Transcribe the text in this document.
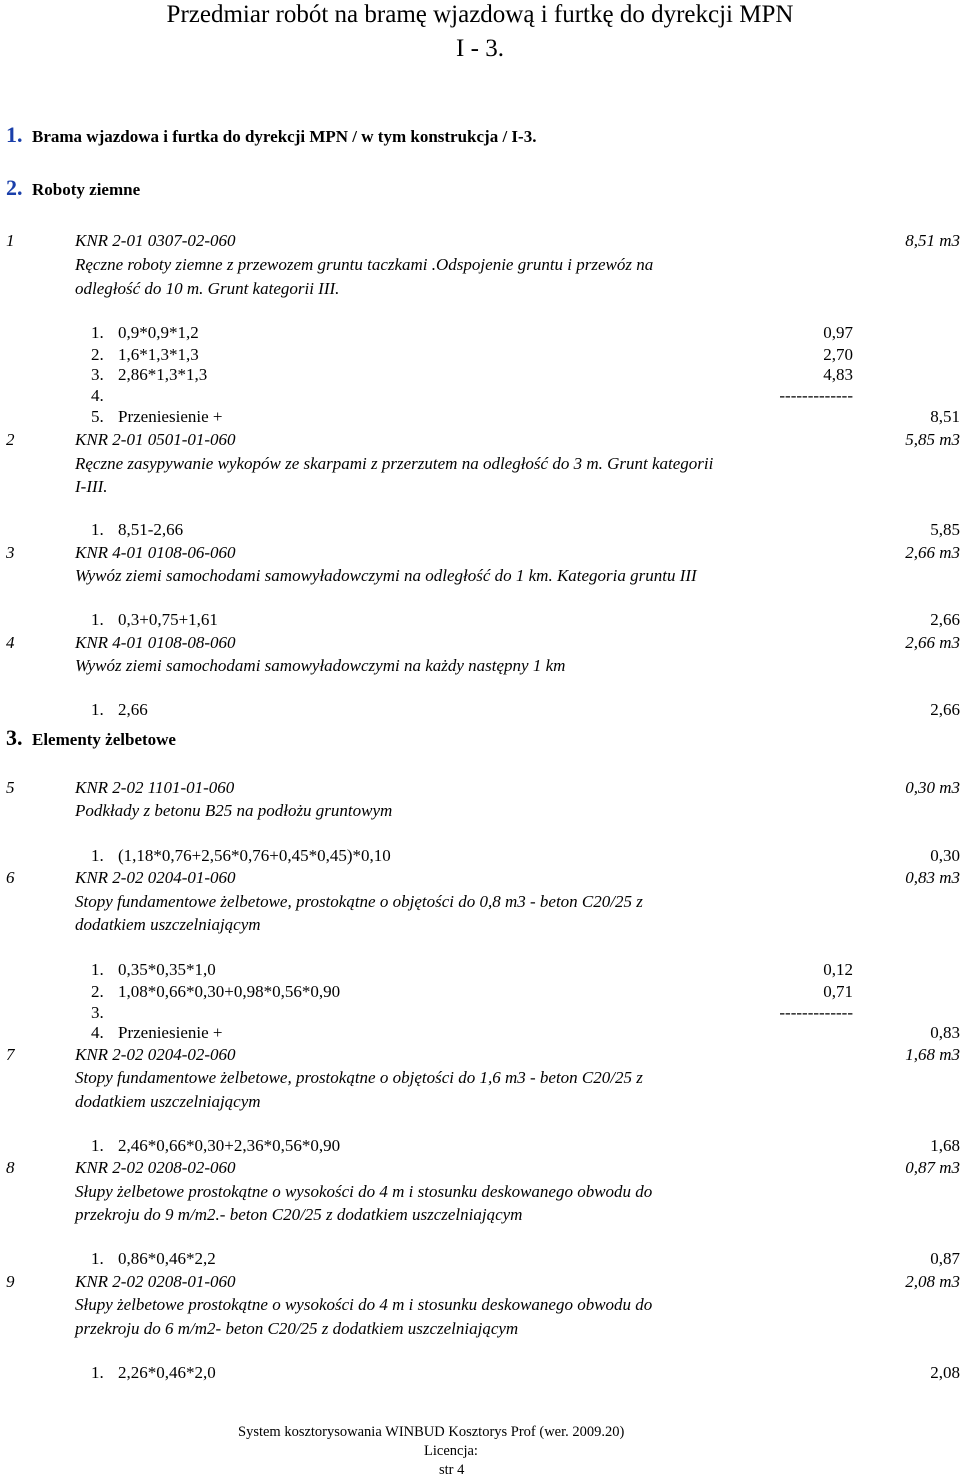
Przedmiar robót na bramę wjazdową i furtkę do dyrekcji MPN
I - 3.
1. Brama wjazdowa i furtka do dyrekcji MPN / w tym konstrukcja / I-3.
2. Roboty ziemne
1	KNR 2-01 0307-02-060	8,51 m3
Ręczne roboty ziemne z przewozem gruntu taczkami .Odspojenie gruntu i przewóz na
odległość do 10 m. Grunt kategorii III.
1. 0,9*0,9*1,2	0,97
2. 1,6*1,3*1,3	2,70
3. 2,86*1,3*1,3	4,83
4.	-------------
5. Przeniesienie +	8,51
2	KNR 2-01 0501-01-060	5,85 m3
Ręczne zasypywanie wykopów ze skarpami z przerzutem na odległość do 3 m. Grunt kategorii
I-III.
1. 8,51-2,66	5,85
3	KNR 4-01 0108-06-060	2,66 m3
Wywóz ziemi samochodami samowyładowczymi na odległość do 1 km. Kategoria gruntu III
1. 0,3+0,75+1,61	2,66
4	KNR 4-01 0108-08-060	2,66 m3
Wywóz ziemi samochodami samowyładowczymi na każdy następny 1 km
1. 2,66	2,66
3. Elementy żelbetowe
5	KNR 2-02 1101-01-060	0,30 m3
Podkłady z betonu B25 na podłożu gruntowym
1. (1,18*0,76+2,56*0,76+0,45*0,45)*0,10	0,30
6	KNR 2-02 0204-01-060	0,83 m3
Stopy fundamentowe żelbetowe, prostokątne o objętości do 0,8 m3 - beton C20/25 z
dodatkiem uszczelniającym
1. 0,35*0,35*1,0	0,12
2. 1,08*0,66*0,30+0,98*0,56*0,90	0,71
3.	-------------
4. Przeniesienie +	0,83
7	KNR 2-02 0204-02-060	1,68 m3
Stopy fundamentowe żelbetowe, prostokątne o objętości do 1,6 m3 - beton C20/25 z
dodatkiem uszczelniającym
1. 2,46*0,66*0,30+2,36*0,56*0,90	1,68
8	KNR 2-02 0208-02-060	0,87 m3
Słupy żelbetowe prostokątne o wysokości do 4 m i stosunku deskowanego obwodu do
przekroju do 9 m/m2.- beton C20/25 z dodatkiem uszczelniającym
1. 0,86*0,46*2,2	0,87
9	KNR 2-02 0208-01-060	2,08 m3
Słupy żelbetowe prostokątne o wysokości do 4 m i stosunku deskowanego obwodu do
przekroju do 6 m/m2- beton C20/25 z dodatkiem uszczelniającym
1. 2,26*0,46*2,0	2,08
System kosztorysowania WINBUD Kosztorys Prof (wer. 2009.20)
Licencja:
str 4
